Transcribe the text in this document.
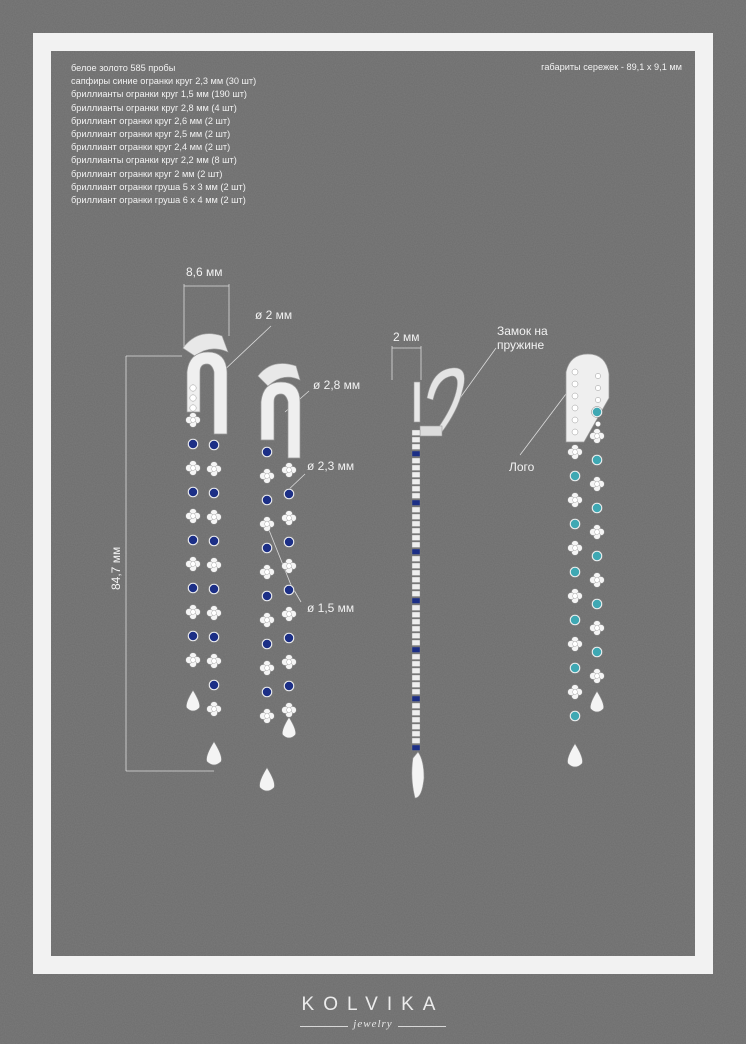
белое золото 585 пробы
сапфиры синие огранки круг 2,3 мм (30 шт)
бриллианты огранки круг 1,5 мм (190 шт)
бриллианты огранки круг 2,8 мм (4 шт)
бриллиант огранки круг 2,6 мм (2 шт)
бриллиант огранки круг 2,5 мм (2 шт)
бриллиант огранки круг 2,4 мм (2 шт)
бриллианты огранки круг 2,2 мм (8 шт)
бриллиант огранки круг 2 мм (2 шт)
бриллиант огранки груша 5 х 3 мм (2 шт)
бриллиант огранки груша 6 х 4 мм (2 шт)
габариты сережек - 89,1 х 9,1 мм
8,6 мм
ø 2 мм
ø 2,8 мм
ø 2,3 мм
ø 1,5 мм
84,7 мм
2 мм	Замок на
пружине
Лого
KOLVIKA
jewelry
